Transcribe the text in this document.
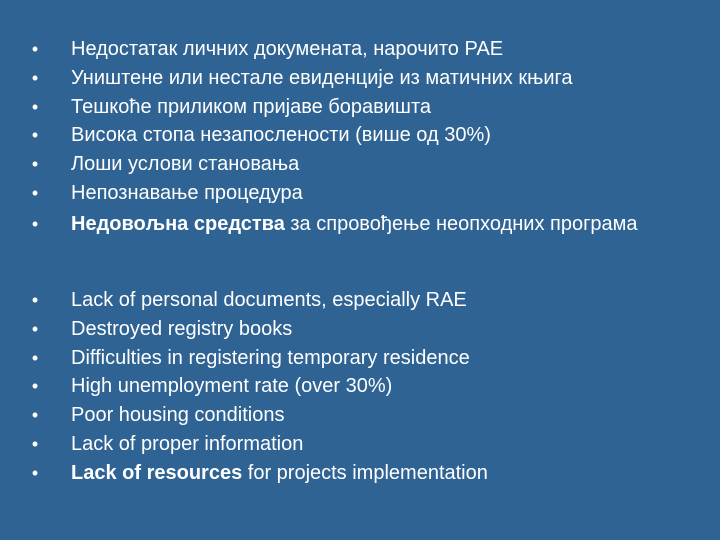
• Недостатак личних докумената, нарочито РАЕ
• Уништене или нестале евиденције из матичних књига
• Тешкоће приликом пријаве боравишта
• Висока стопа незапослености (више од 30%)
• Лоши услови становања
• Непознавање процедура
• Недовољна средства за спровођење неопходних програма
• Lack of personal documents, especially RAE
• Destroyed registry books
• Difficulties in registering temporary residence
• High unemployment rate (over 30%)
• Poor housing conditions
• Lack of proper information
• Lack of resources for projects implementation
